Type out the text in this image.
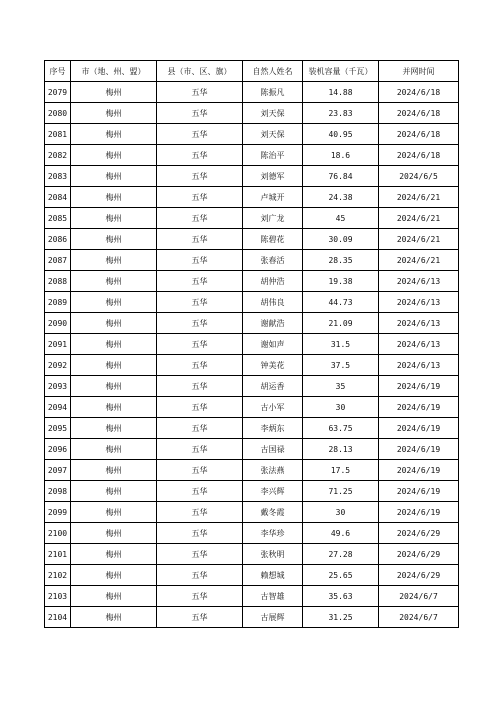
序号	市（地、州、盟）	县（市、区、旗）	自然人姓名	装机容量（千瓦）	并网时间
2079	梅州	五华	陈振凡	14.88	2024/6/18
2080	梅州	五华	刘天保	23.83	2024/6/18
2081	梅州	五华	刘天保	40.95	2024/6/18
2082	梅州	五华	陈治平	18.6	2024/6/18
2083	梅州	五华	刘德军	76.84	2024/6/5
2084	梅州	五华	卢城开	24.38	2024/6/21
2085	梅州	五华	刘广龙	45	2024/6/21
2086	梅州	五华	陈碧花	30.09	2024/6/21
2087	梅州	五华	张春活	28.35	2024/6/21
2088	梅州	五华	胡仲浩	19.38	2024/6/13
2089	梅州	五华	胡伟良	44.73	2024/6/13
2090	梅州	五华	谢献浩	21.09	2024/6/13
2091	梅州	五华	谢如声	31.5	2024/6/13
2092	梅州	五华	钟美花	37.5	2024/6/13
2093	梅州	五华	胡运香	35	2024/6/19
2094	梅州	五华	古小军	30	2024/6/19
2095	梅州	五华	李炳东	63.75	2024/6/19
2096	梅州	五华	古国禄	28.13	2024/6/19
2097	梅州	五华	张法燕	17.5	2024/6/19
2098	梅州	五华	李兴辉	71.25	2024/6/19
2099	梅州	五华	戴冬霞	30	2024/6/19
2100	梅州	五华	李华珍	49.6	2024/6/29
2101	梅州	五华	张秋明	27.28	2024/6/29
2102	梅州	五华	赖想城	25.65	2024/6/29
2103	梅州	五华	古智雄	35.63	2024/6/7
2104	梅州	五华	古展辉	31.25	2024/6/7
